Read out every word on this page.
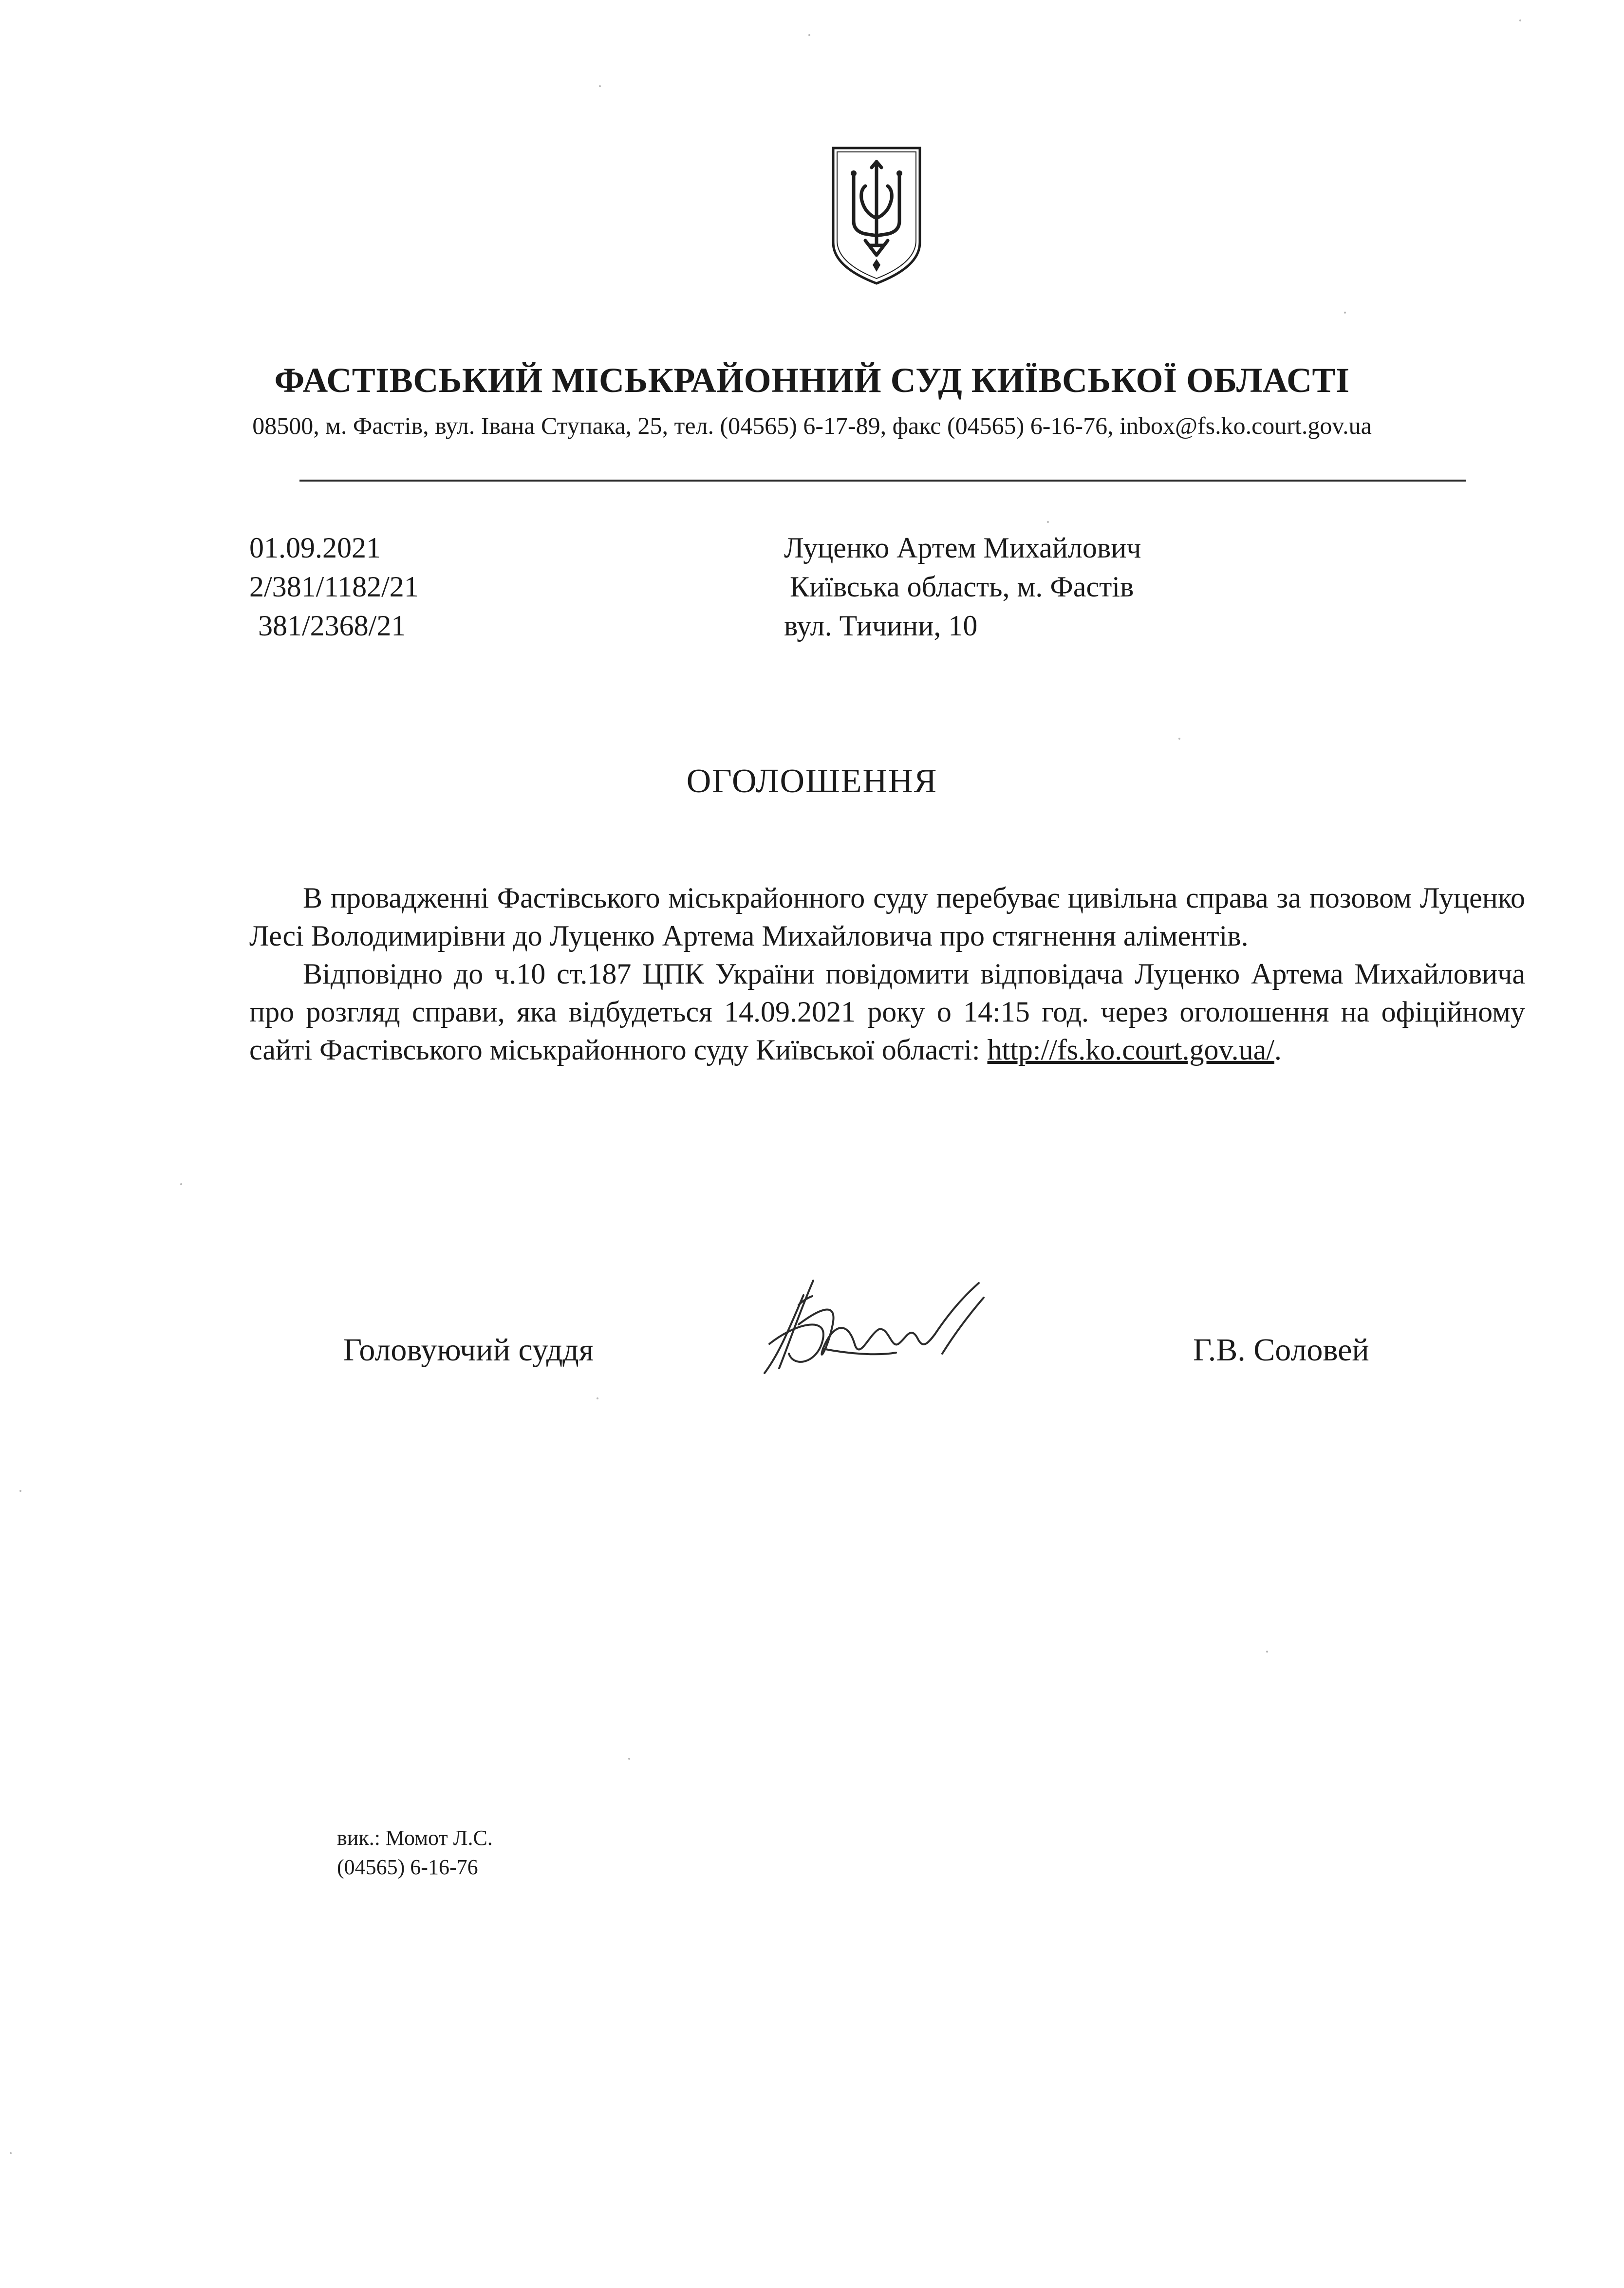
ФАСТІВСЬКИЙ МІСЬКРАЙОННИЙ СУД КИЇВСЬКОЇ ОБЛАСТІ
08500, м. Фастів, вул. Івана Ступака, 25, тел. (04565) 6-17-89, факс (04565) 6-16-76, inbox@fs.ko.court.gov.ua
01.09.2021
2/381/1182/21
381/2368/21
Луценко Артем Михайлович
Київська область, м. Фастів
вул. Тичини, 10
ОГОЛОШЕННЯ

В провадженні Фастівського міськрайонного суду перебуває цивільна справа за позовом Луценко Лесі Володимирівни до Луценко Артема Михайловича про стягнення аліментів.

Відповідно до ч.10 ст.187 ЦПК України повідомити відповідача Луценко Артема Михайловича про розгляд справи, яка відбудеться 14.09.2021 року о 14:15 год. через оголошення на офіційному сайті Фастівського міськрайонного суду Київської області: http://fs.ko.court.gov.ua/.

Головуючий суддя	Г.В. Соловей
вик.: Момот Л.С.
(04565) 6-16-76
